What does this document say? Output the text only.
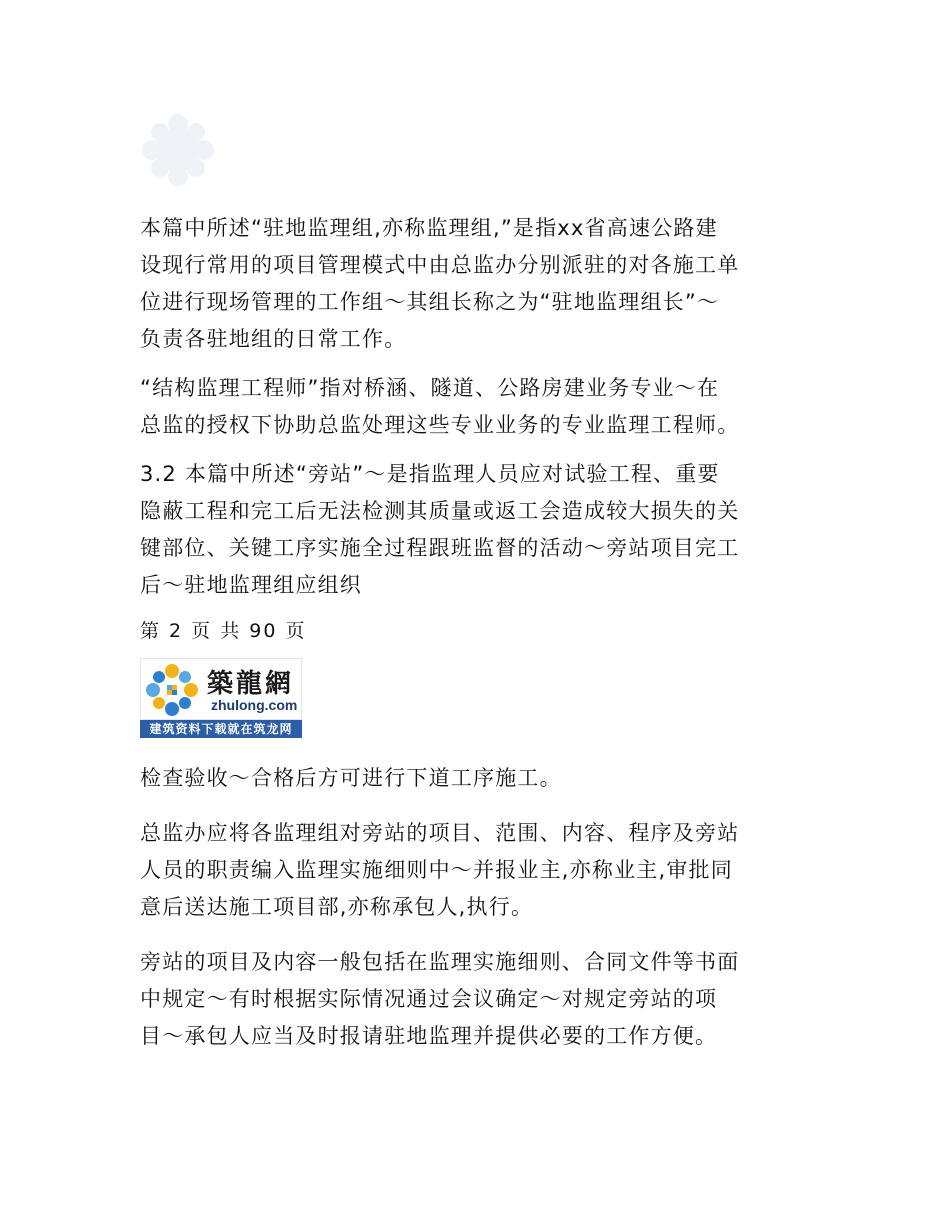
本篇中所述“驻地监理组,亦称监理组,”是指xx省高速公路建
设现行常用的项目管理模式中由总监办分别派驻的对各施工单
位进行现场管理的工作组～其组长称之为“驻地监理组长”～
负责各驻地组的日常工作。

“结构监理工程师”指对桥涵、隧道、公路房建业务专业～在
总监的授权下协助总监处理这些专业业务的专业监理工程师。

3.2 本篇中所述“旁站”～是指监理人员应对试验工程、重要
隐蔽工程和完工后无法检测其质量或返工会造成较大损失的关
键部位、关键工序实施全过程跟班监督的活动～旁站项目完工
后～驻地监理组应组织

第 2 页 共 90 页

築龍網
zhulong.com
建筑资料下载就在筑龙网

检查验收～合格后方可进行下道工序施工。

总监办应将各监理组对旁站的项目、范围、内容、程序及旁站
人员的职责编入监理实施细则中～并报业主,亦称业主,审批同
意后送达施工项目部,亦称承包人,执行。

旁站的项目及内容一般包括在监理实施细则、合同文件等书面
中规定～有时根据实际情况通过会议确定～对规定旁站的项
目～承包人应当及时报请驻地监理并提供必要的工作方便。
